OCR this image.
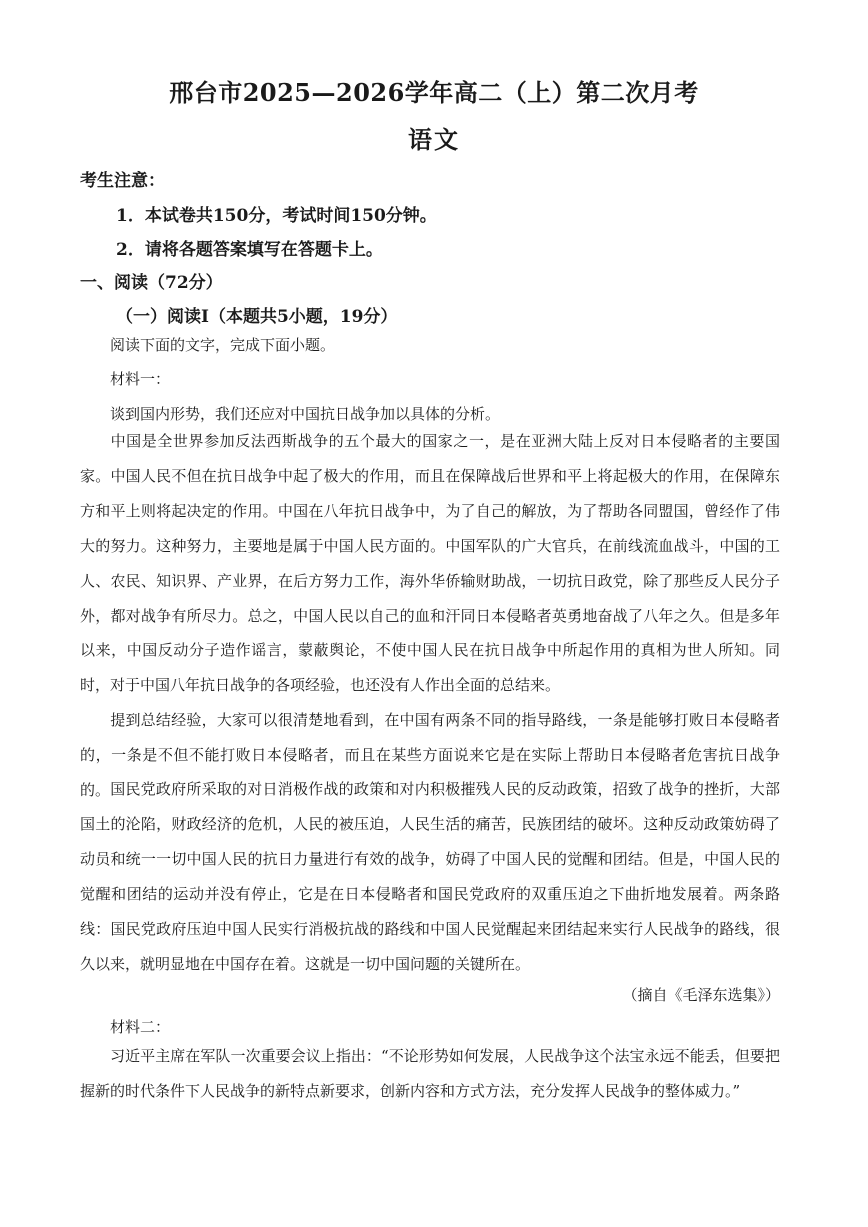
邢台市2025—2026学年高二（上）第二次月考
语文
考生注意：
1．本试卷共150分，考试时间150分钟。
2．请将各题答案填写在答题卡上。
一、阅读（72分）
（一）阅读Ⅰ（本题共5小题，19分）
阅读下面的文字，完成下面小题。
材料一：
谈到国内形势，我们还应对中国抗日战争加以具体的分析。

中国是全世界参加反法西斯战争的五个最大的国家之一，是在亚洲大陆上反对日本侵略者的主要国家。中国人民不但在抗日战争中起了极大的作用，而且在保障战后世界和平上将起极大的作用，在保障东方和平上则将起决定的作用。中国在八年抗日战争中，为了自己的解放，为了帮助各同盟国，曾经作了伟大的努力。这种努力，主要地是属于中国人民方面的。中国军队的广大官兵，在前线流血战斗，中国的工人、农民、知识界、产业界，在后方努力工作，海外华侨输财助战，一切抗日政党，除了那些反人民分子外，都对战争有所尽力。总之，中国人民以自己的血和汗同日本侵略者英勇地奋战了八年之久。但是多年以来，中国反动分子造作谣言，蒙蔽舆论，不使中国人民在抗日战争中所起作用的真相为世人所知。同时，对于中国八年抗日战争的各项经验，也还没有人作出全面的总结来。

提到总结经验，大家可以很清楚地看到，在中国有两条不同的指导路线，一条是能够打败日本侵略者的，一条是不但不能打败日本侵略者，而且在某些方面说来它是在实际上帮助日本侵略者危害抗日战争的。 国民党政府所采取的对日消极作战的政策和对内积极摧残人民的反动政策，招致了战争的挫折，大部国土的沦陷，财政经济的危机，人民的被压迫，人民生活的痛苦，民族团结的破坏。这种反动政策妨碍了动员和统一一切中国人民的抗日力量进行有效的战争，妨碍了中国人民的觉醒和团结。但是，中国人民的觉醒和团结的运动并没有停止，它是在日本侵略者和国民党政府的双重压迫之下曲折地发展着。两条路线：国民党政府压迫中国人民实行消极抗战的路线和中国人民觉醒起来团结起来实行人民战争的路线，很久以来，就明显地在中国存在着。这就是一切中国问题的关键所在。

（摘自《毛泽东选集》）
材料二：

习近平主席在军队一次重要会议上指出：“不论形势如何发展，人民战争这个法宝永远不能丢，但要把握新的时代条件下人民战争的新特点新要求，创新内容和方式方法，充分发挥人民战争的整体威力。”
